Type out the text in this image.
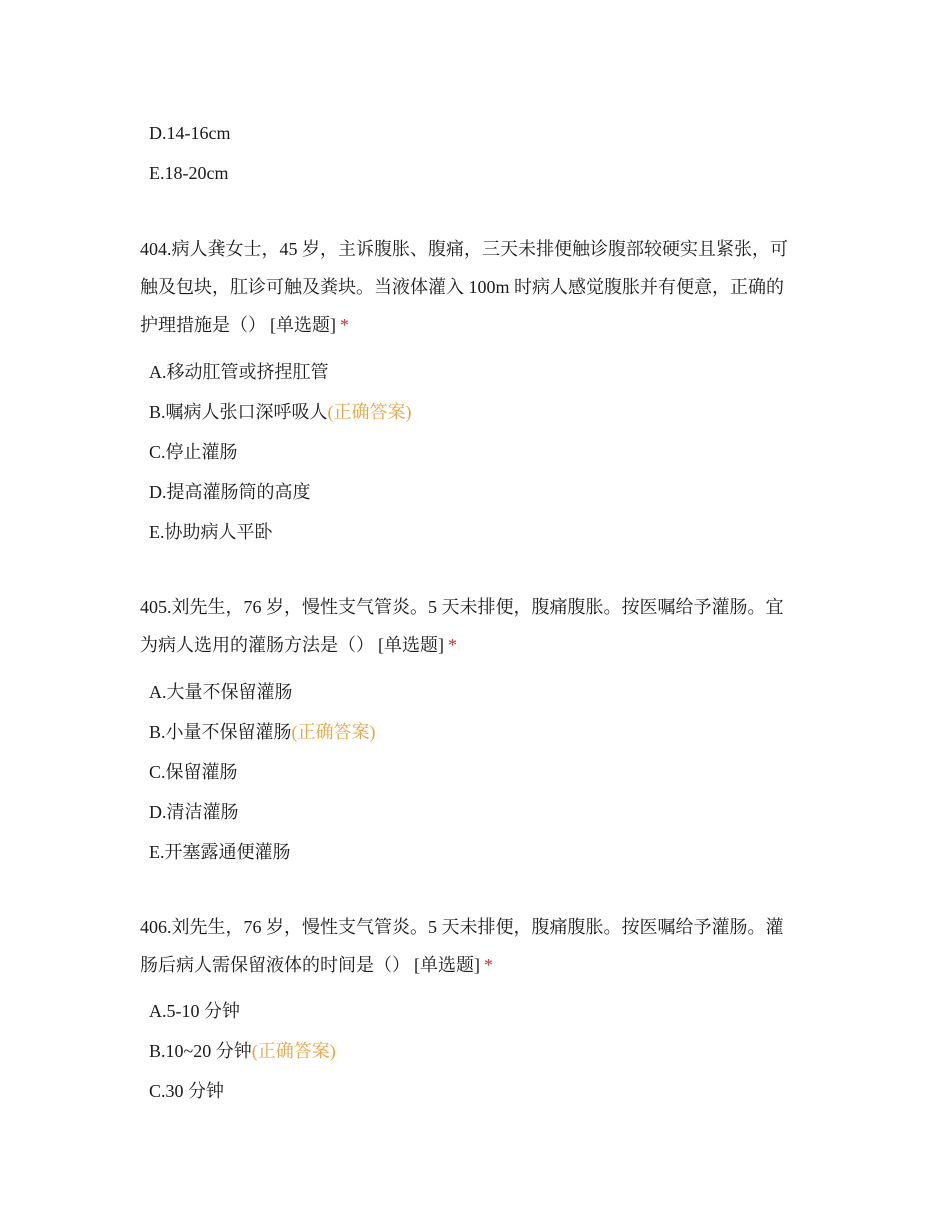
D.14-16cm
E.18-20cm
404.病人龚女士，45 岁，主诉腹胀、腹痛，三天未排便触诊腹部较硬实且紧张，可
触及包块，肛诊可触及粪块。当液体灌入 100m 时病人感觉腹胀并有便意，正确的
护理措施是（） [单选题] *
A.移动肛管或挤捏肛管
B.嘱病人张口深呼吸人(正确答案)
C.停止灌肠
D.提高灌肠筒的高度
E.协助病人平卧
405.刘先生，76 岁，慢性支气管炎。5 天未排便，腹痛腹胀。按医嘱给予灌肠。宜
为病人选用的灌肠方法是（） [单选题] *
A.大量不保留灌肠
B.小量不保留灌肠(正确答案)
C.保留灌肠
D.清洁灌肠
E.开塞露通便灌肠
406.刘先生，76 岁，慢性支气管炎。5 天未排便，腹痛腹胀。按医嘱给予灌肠。灌
肠后病人需保留液体的时间是（） [单选题] *
A.5-10 分钟
B.10~20 分钟(正确答案)
C.30 分钟
